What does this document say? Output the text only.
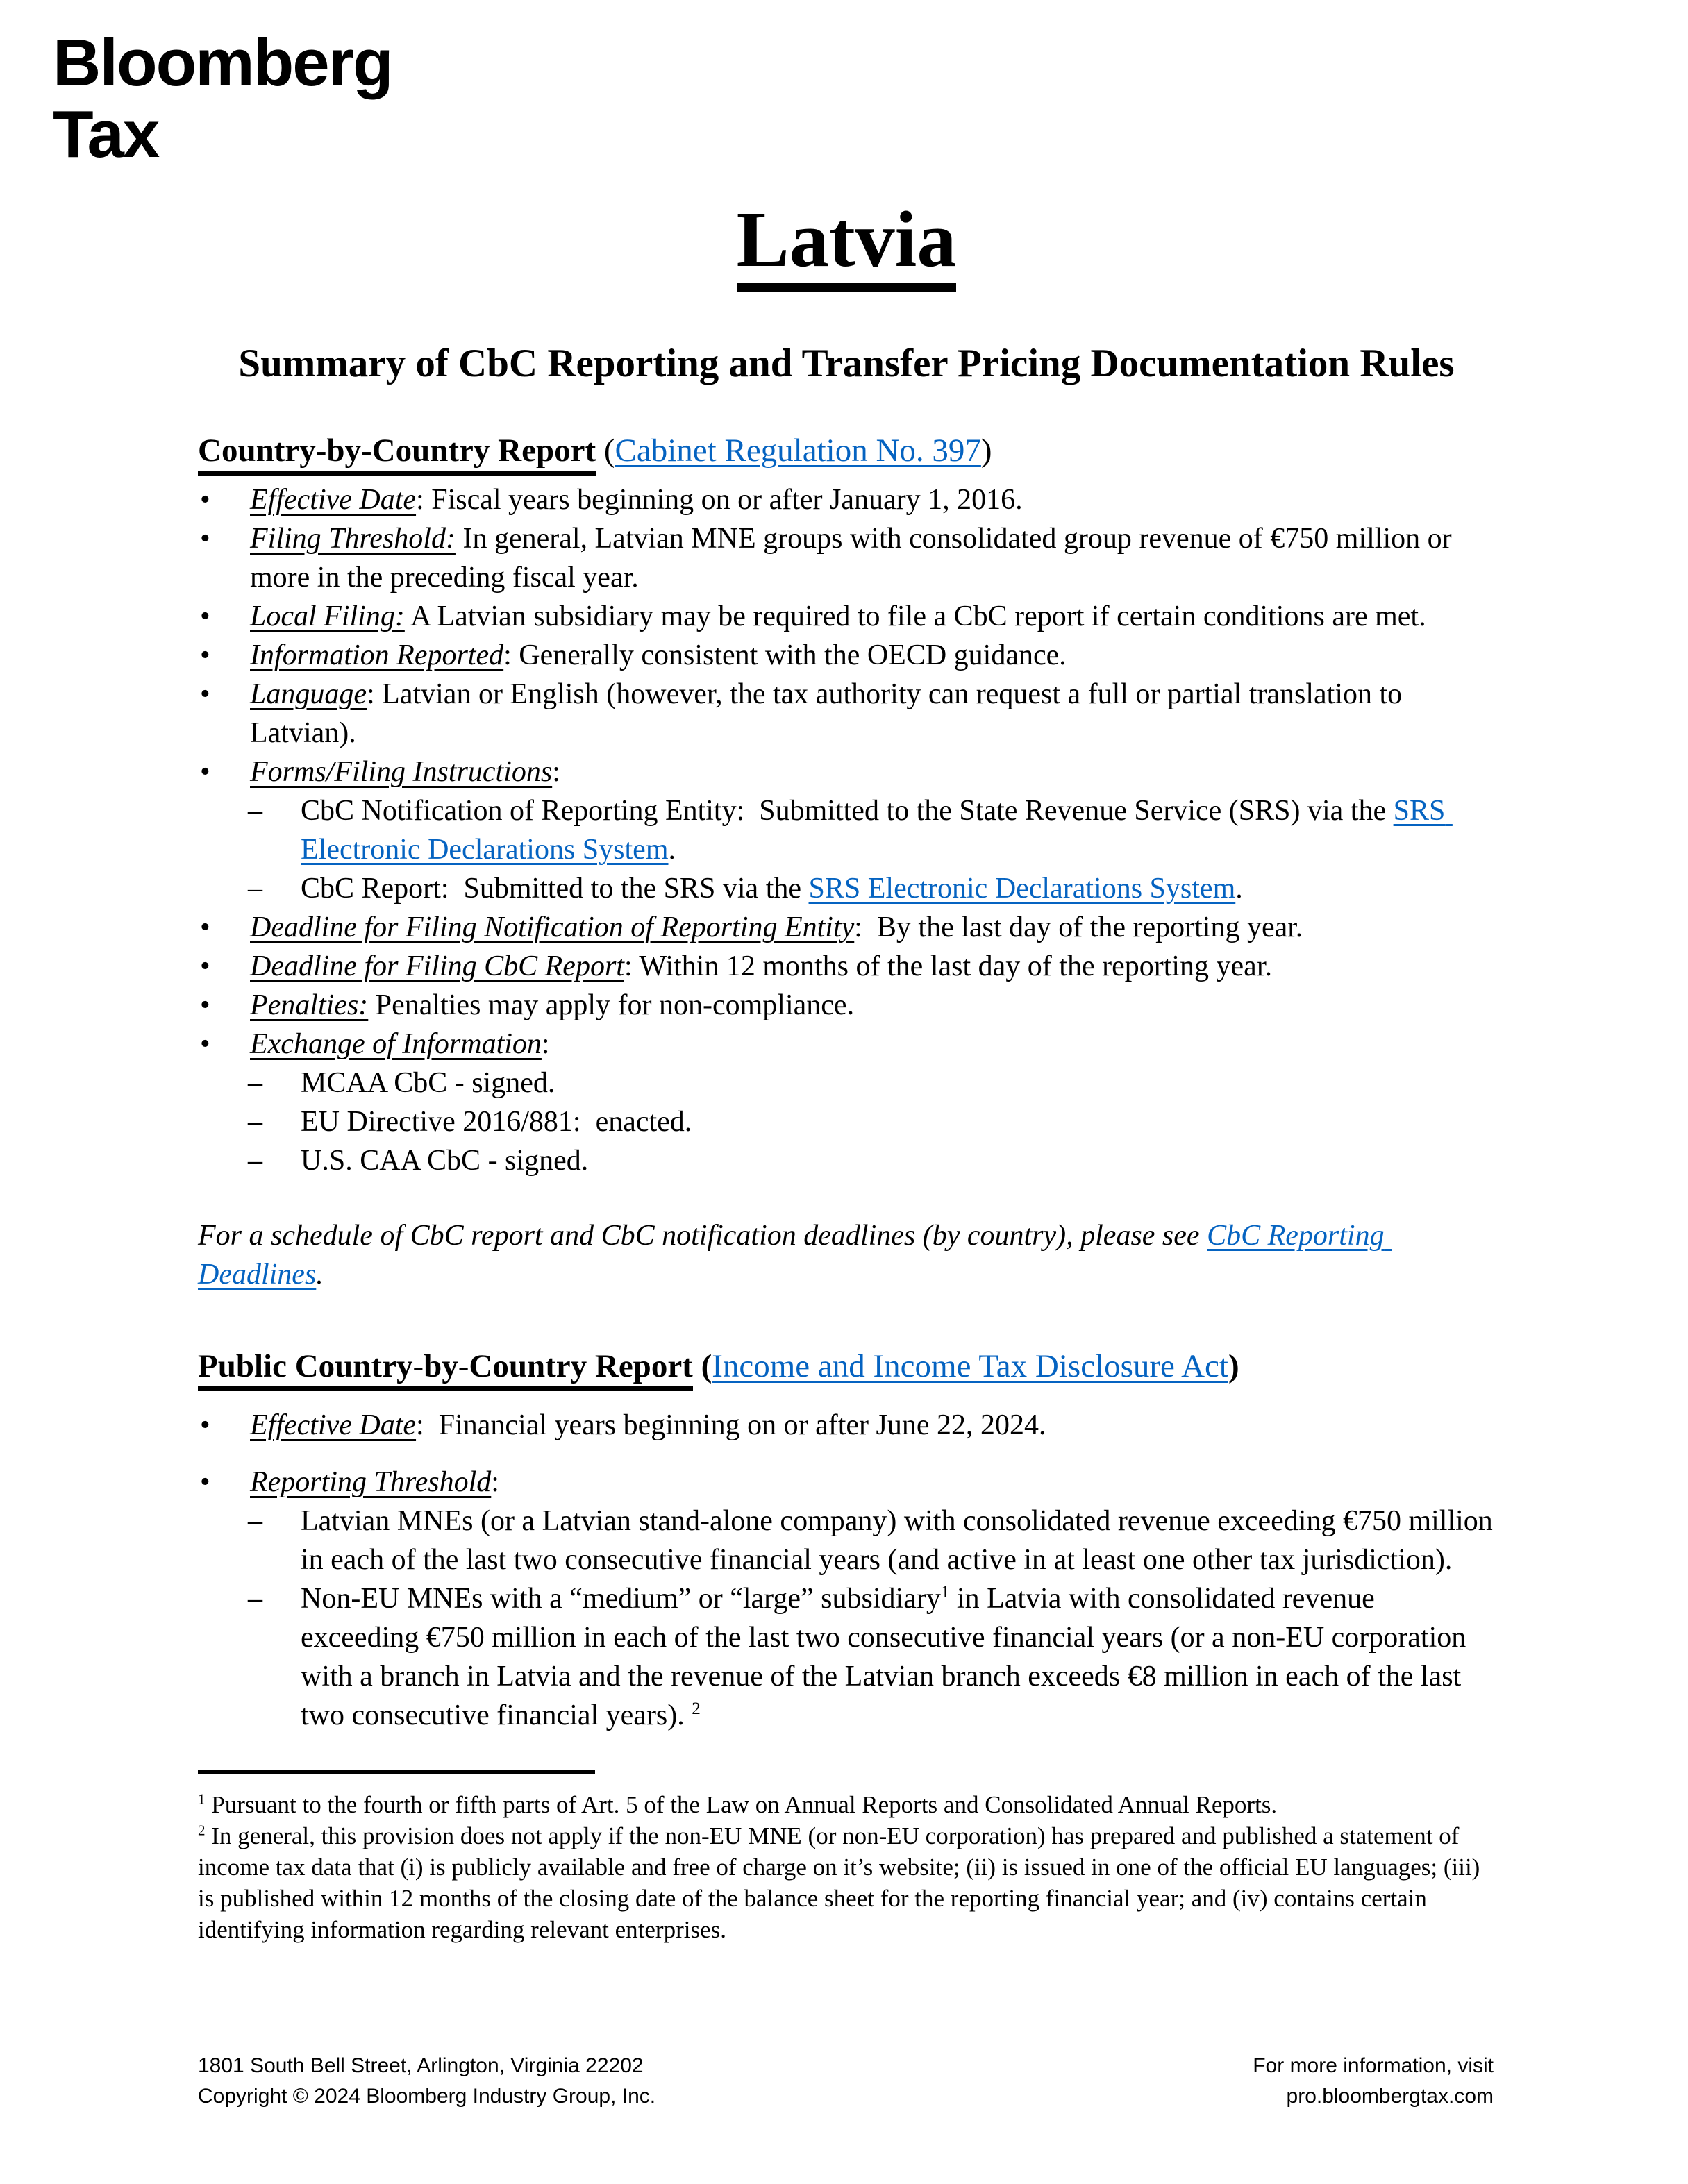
Bloomberg
Tax
Latvia
Summary of CbC Reporting and Transfer Pricing Documentation Rules
Country-by-Country Report (Cabinet Regulation No. 397)
• Effective Date: Fiscal years beginning on or after January 1, 2016.
• Filing Threshold: In general, Latvian MNE groups with consolidated group revenue of €750 million or more in the preceding fiscal year.
• Local Filing: A Latvian subsidiary may be required to file a CbC report if certain conditions are met.
• Information Reported: Generally consistent with the OECD guidance.
• Language: Latvian or English (however, the tax authority can request a full or partial translation to Latvian).
• Forms/Filing Instructions:
– CbC Notification of Reporting Entity:  Submitted to the State Revenue Service (SRS) via the SRS Electronic Declarations System.
– CbC Report:  Submitted to the SRS via the SRS Electronic Declarations System.
• Deadline for Filing Notification of Reporting Entity:  By the last day of the reporting year.
• Deadline for Filing CbC Report: Within 12 months of the last day of the reporting year.
• Penalties: Penalties may apply for non-compliance.
• Exchange of Information:
– MCAA CbC - signed.
– EU Directive 2016/881:  enacted.
– U.S. CAA CbC - signed.

For a schedule of CbC report and CbC notification deadlines (by country), please see CbC Reporting Deadlines.

Public Country-by-Country Report (Income and Income Tax Disclosure Act)
• Effective Date:  Financial years beginning on or after June 22, 2024.
• Reporting Threshold:
– Latvian MNEs (or a Latvian stand-alone company) with consolidated revenue exceeding €750 million in each of the last two consecutive financial years (and active in at least one other tax jurisdiction).
– Non-EU MNEs with a “medium” or “large” subsidiary$^1$ in Latvia with consolidated revenue exceeding €750 million in each of the last two consecutive financial years (or a non-EU corporation with a branch in Latvia and the revenue of the Latvian branch exceeds €8 million in each of the last two consecutive financial years). $^2$

$^1$ Pursuant to the fourth or fifth parts of Art. 5 of the Law on Annual Reports and Consolidated Annual Reports.

$^2$ In general, this provision does not apply if the non-EU MNE (or non-EU corporation) has prepared and published a statement of income tax data that (i) is publicly available and free of charge on it’s website; (ii) is issued in one of the official EU languages; (iii) is published within 12 months of the closing date of the balance sheet for the reporting financial year; and (iv) contains certain identifying information regarding relevant enterprises.

1801 South Bell Street, Arlington, Virginia 22202
Copyright © 2024 Bloomberg Industry Group, Inc.
For more information, visit
pro.bloombergtax.com
